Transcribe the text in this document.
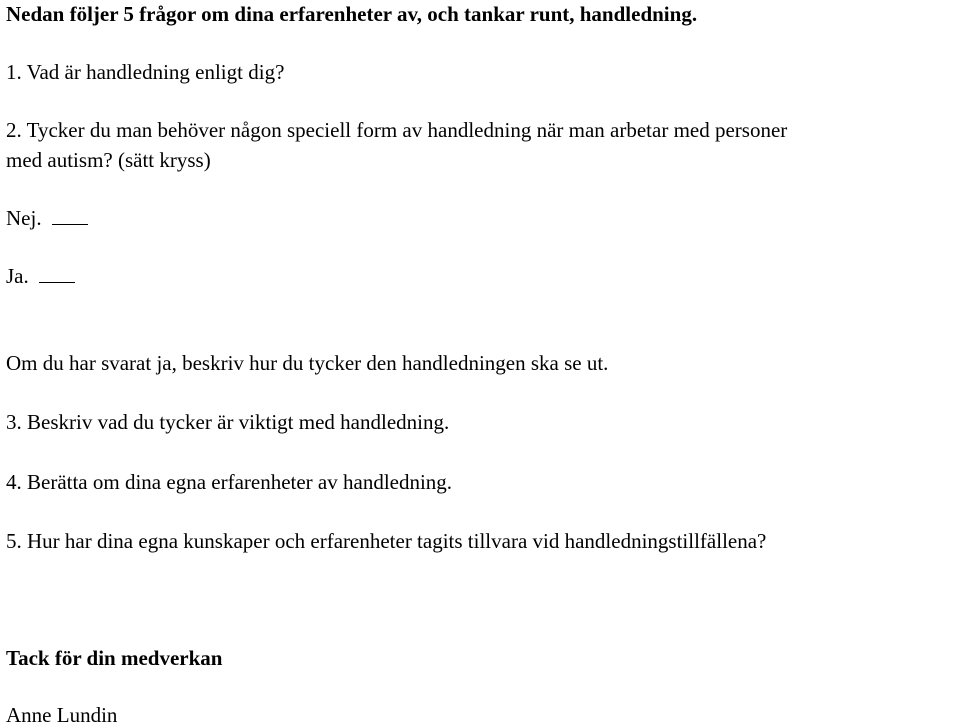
Nedan följer 5 frågor om dina erfarenheter av, och tankar runt, handledning.
1. Vad är handledning enligt dig?
2. Tycker du man behöver någon speciell form av handledning när man arbetar med personer
med autism? (sätt kryss)
Nej.
Ja.
Om du har svarat ja, beskriv hur du tycker den handledningen ska se ut.
3. Beskriv vad du tycker är viktigt med handledning.
4. Berätta om dina egna erfarenheter av handledning.
5. Hur har dina egna kunskaper och erfarenheter tagits tillvara vid handledningstillfällena?
Tack för din medverkan
Anne Lundin
